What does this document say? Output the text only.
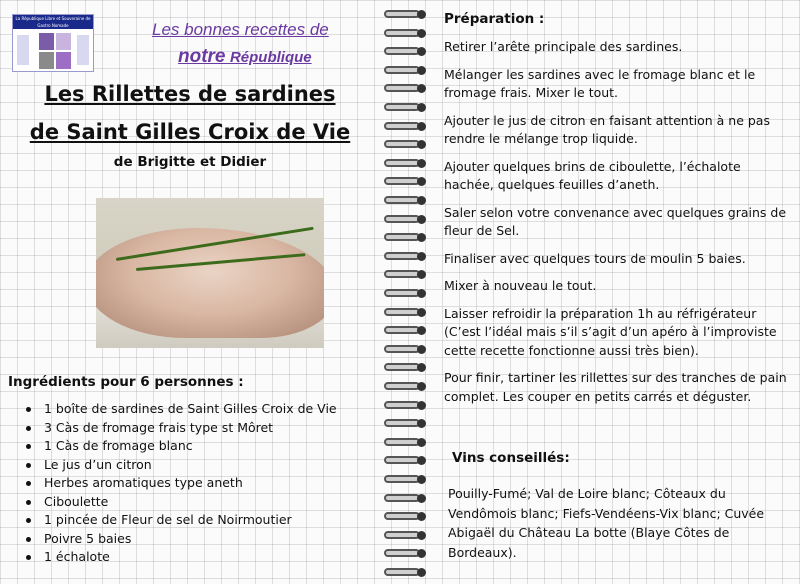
La République Libre et Souveraine de Gastro Nomade	Les bonnes recettes de
notre République
Les Rillettes de sardines
de Saint Gilles Croix de Vie
de Brigitte et Didier
Ingrédients pour 6 personnes :
1 boîte de sardines de Saint Gilles Croix de Vie
3 Càs de fromage frais type st Môret
1 Càs de fromage blanc
Le jus d’un citron
Herbes aromatiques type aneth
Ciboulette
1 pincée de Fleur de sel de Noirmoutier
Poivre 5 baies
1 échalote
Préparation :

Retirer l’arête principale des sardines.

Mélanger les sardines avec le fromage blanc et le fromage frais. Mixer le tout.

Ajouter le jus de citron en faisant attention à ne pas rendre le mélange trop liquide.

Ajouter quelques brins de ciboulette, l’échalote hachée, quelques feuilles d’aneth.

Saler selon votre convenance avec quelques grains de fleur de Sel.

Finaliser avec quelques tours de moulin 5 baies.

Mixer à nouveau le tout.

Laisser refroidir la préparation 1h au réfrigérateur (C’est l’idéal mais s’il s’agit d’un apéro à l’improviste cette recette fonctionne aussi très bien).

Pour finir, tartiner les rillettes sur des tranches de pain complet. Les couper en petits carrés et déguster.

Vins conseillés:
Pouilly-Fumé; Val de Loire blanc; Côteaux du Vendômois blanc; Fiefs-Vendéens-Vix blanc; Cuvée Abigaël du Château La botte (Blaye Côtes de Bordeaux).
